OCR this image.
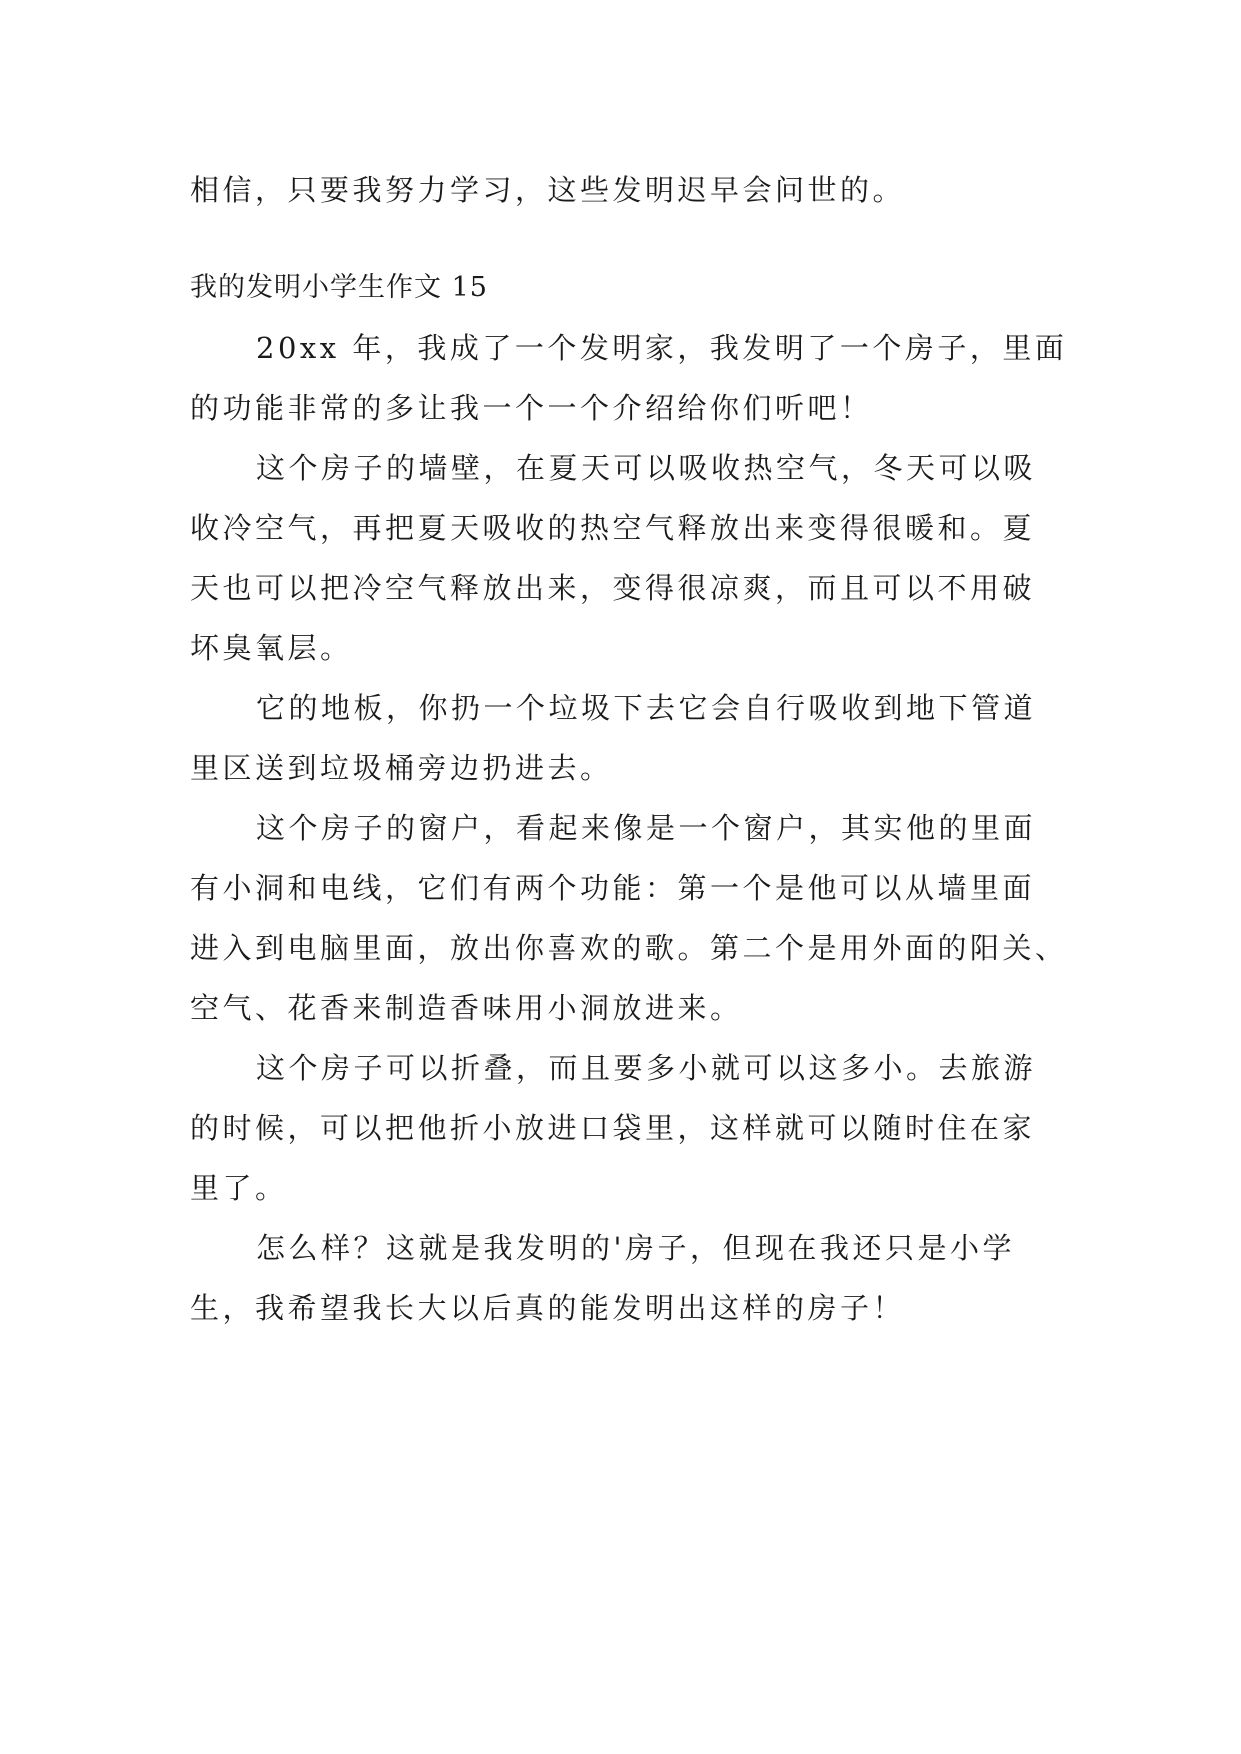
相信，只要我努力学习，这些发明迟早会问世的。
我的发明小学生作文 15
20xx 年，我成了一个发明家，我发明了一个房子，里面
的功能非常的多让我一个一个介绍给你们听吧！
这个房子的墙壁，在夏天可以吸收热空气，冬天可以吸
收冷空气，再把夏天吸收的热空气释放出来变得很暖和。夏
天也可以把冷空气释放出来，变得很凉爽，而且可以不用破
坏臭氧层。
它的地板，你扔一个垃圾下去它会自行吸收到地下管道
里区送到垃圾桶旁边扔进去。
这个房子的窗户，看起来像是一个窗户，其实他的里面
有小洞和电线，它们有两个功能：第一个是他可以从墙里面
进入到电脑里面，放出你喜欢的歌。第二个是用外面的阳关、
空气、花香来制造香味用小洞放进来。
这个房子可以折叠，而且要多小就可以这多小。去旅游
的时候，可以把他折小放进口袋里，这样就可以随时住在家
里了。
怎么样？这就是我发明的'房子，但现在我还只是小学
生，我希望我长大以后真的能发明出这样的房子！
